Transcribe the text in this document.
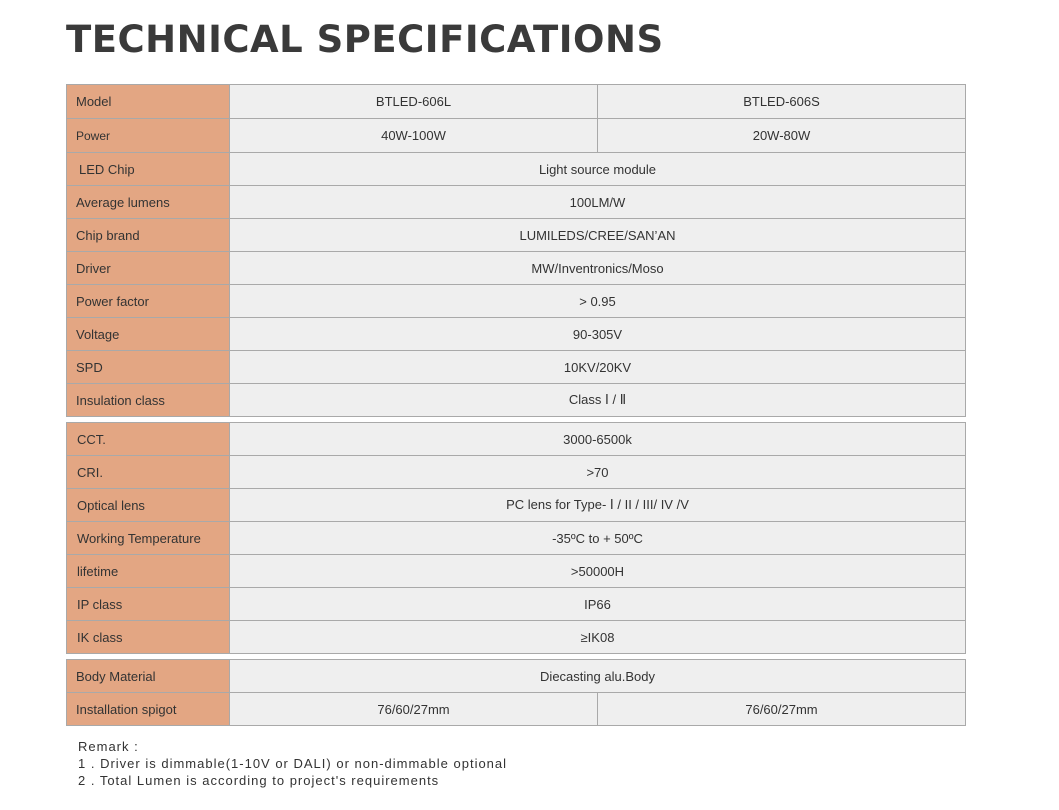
TECHNICAL SPECIFICATIONS
Model	BTLED-606L	BTLED-606S
Power	40W-100W	20W-80W
LED Chip	Light source module	
Average lumens	100LM/W	
Chip brand	LUMILEDS/CREE/SAN’AN	
Driver	MW/Inventronics/Moso	
Power factor	> 0.95	
Voltage	90-305V	
SPD	10KV/20KV	
Insulation class	Class Ⅰ / Ⅱ	
CCT.	3000-6500k
CRI.	>70
Optical lens	PC lens for Type- Ⅰ / II / III/ IV /V
Working Temperature	-35ºC to + 50ºC
lifetime	>50000H
IP class	IP66
IK class	≥IK08
Body Material	Diecasting alu.Body	
Installation spigot	76/60/27mm	76/60/27mm
Remark :
1 . Driver is dimmable(1-10V or DALI) or non-dimmable optional
2 . Total Lumen is according to project's requirements
